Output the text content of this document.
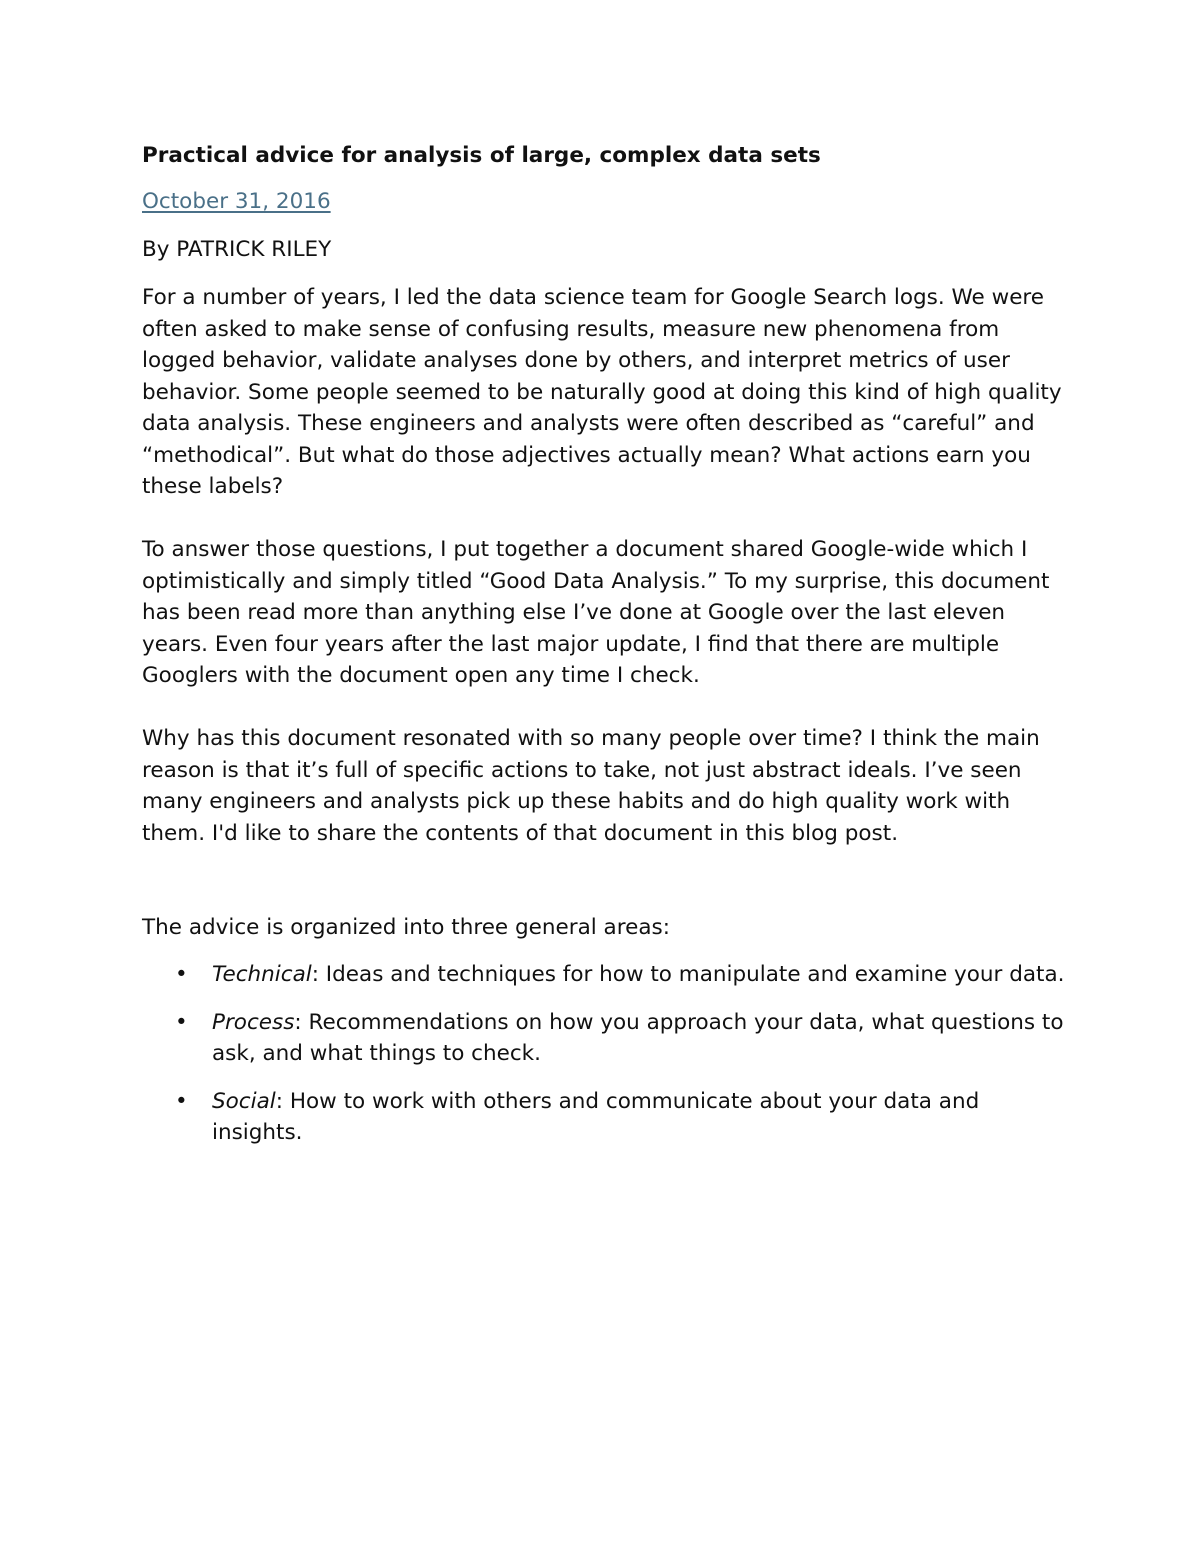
Practical advice for analysis of large, complex data sets
October 31, 2016
By PATRICK RILEY

For a number of years, I led the data science team for Google Search logs. We were often asked to make sense of confusing results, measure new phenomena from logged behavior, validate analyses done by others, and interpret metrics of user behavior. Some people seemed to be naturally good at doing this kind of high quality data analysis. These engineers and analysts were often described as “careful” and “methodical”. But what do those adjectives actually mean? What actions earn you these labels?

To answer those questions, I put together a document shared Google-wide which I optimistically and simply titled “Good Data Analysis.” To my surprise, this document has been read more than anything else I’ve done at Google over the last eleven years. Even four years after the last major update, I find that there are multiple Googlers with the document open any time I check.

Why has this document resonated with so many people over time? I think the main reason is that it’s full of specific actions to take, not just abstract ideals. I’ve seen many engineers and analysts pick up these habits and do high quality work with them. I'd like to share the contents of that document in this blog post.

The advice is organized into three general areas:
• Technical: Ideas and techniques for how to manipulate and examine your data.
• Process: Recommendations on how you approach your data, what questions to ask, and what things to check.
• Social: How to work with others and communicate about your data and insights.
